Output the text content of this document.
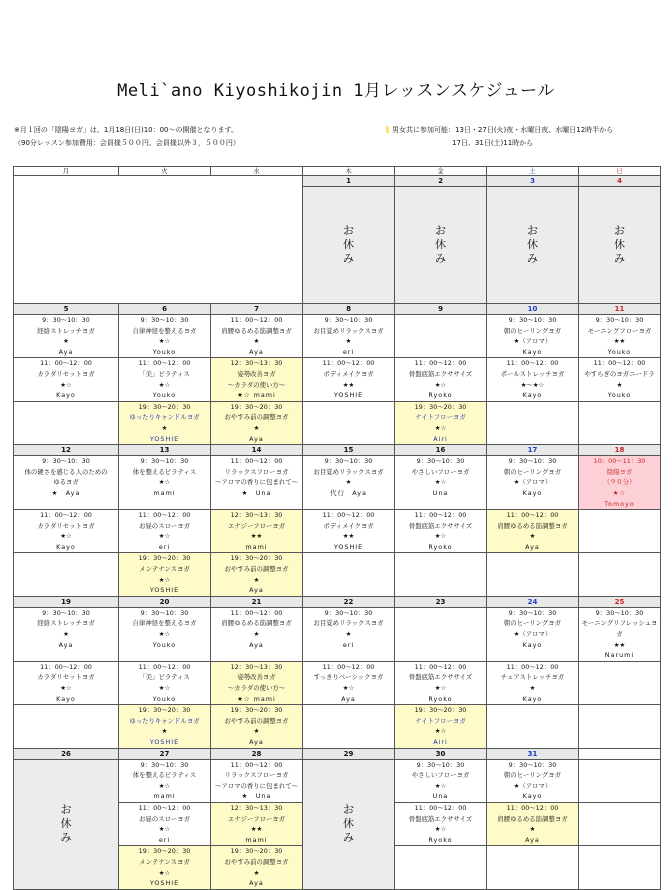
Meli`ano Kiyoshikojin 1月レッスンスケジュール
※月１回の「陰陽ヨガ」は、1月18日(日)10：00〜の開催となります。
（90分レッスン参加費用：会員様５００円、会員様以外３，５００円）
男女共に参加可能：13日・27日(火)夜・水曜日夜、水曜日12時半から
17日、31日(土)11時から
月	火	水	木	金	土	日
			1	2	3	4
			お休み	お休み	お休み	お休み
5	6	7	8	9	10	11

9：30〜10：30
経絡ストレッチヨガ
★
Aya	9：30〜10：30
自律神経を整えるヨガ
★☆
Youko	11：00〜12：00
肩腰ゆるめる筋調整ヨガ
★
Aya	9：30〜10：30
お目覚めリラックスヨガ
★
eri		9：30〜10：30
朝のヒーリングヨガ
★（アロマ）
Kayo	9：30〜10：30
モーニングフローヨガ
★★
Youko

11：00〜12：00
カラダリセットヨガ
★☆
Kayo	11：00〜12：00
「美」ピラティス
★☆
Youko	12：30〜13：30
姿勢改善ヨガ
〜カラダの使い方〜
★☆ mami	11：00〜12：00
ボディメイクヨガ
★★
YOSHIE	11：00〜12：00
骨盤底筋エクササイズ
★☆
Ryoko	11：00〜12：00
ポールストレッチヨガ
★〜★☆
Kayo	11：00〜12：00
やすらぎのヨガニードラ
★
Youko

	19：30〜20：30
ゆったりキャンドルヨガ
★
YOSHIE	19：30〜20：30
おやすみ前の調整ヨガ
★
Aya		19：30〜20：30
ナイトフローヨガ
★☆
Airi		

12	13	14	15	16	17	18

9：30〜10：30
体の硬さを感じる人のための
ゆるヨガ
★　Aya	9：30〜10：30
体を整えるピラティス
★☆
mami	11：00〜12：00
リラックスフローヨガ
〜アロマの香りに包まれて〜
★　Una	9：30〜10：30
お目覚めリラックスヨガ
★
代行　Aya	9：30〜10：30
やさしいフローヨガ
★☆
Una	9：30〜10：30
朝のヒーリングヨガ
★（アロマ）
Kayo	10：00〜11：30
陰陽ヨガ
（９０分）
★☆
Tomoyo

11：00〜12：00
カラダリセットヨガ
★☆
Kayo	11：00〜12：00
お昼のスローヨガ
★☆
eri	12：30〜13：30
エナジーフローヨガ
★★
mami	11：00〜12：00
ボディメイクヨガ
★★
YOSHIE	11：00〜12：00
骨盤底筋エクササイズ
★☆
Ryoko	11：00〜12：00
肩腰ゆるめる筋調整ヨガ
★
Aya	

	19：30〜20：30
メンテナンスヨガ
★☆
YOSHIE	19：30〜20：30
おやすみ前の調整ヨガ
★
Aya				

19	20	21	22	23	24	25

9：30〜10：30
経絡ストレッチヨガ
★
Aya	9：30〜10：30
自律神経を整えるヨガ
★☆
Youko	11：00〜12：00
肩腰ゆるめる筋調整ヨガ
★
Aya	9：30〜10：30
お目覚めリラックスヨガ
★
eri		9：30〜10：30
朝のヒーリングヨガ
★（アロマ）
Kayo	9：30〜10：30
モーニングリフレッシュヨガ
★★
Narumi

11：00〜12：00
カラダリセットヨガ
★☆
Kayo	11：00〜12：00
「美」ピラティス
★☆
Youko	12：30〜13：30
姿勢改善ヨガ
〜カラダの使い方〜
★☆ mami	11：00〜12：00
すっきりベーシックヨガ
★☆
Aya	11：00〜12：00
骨盤底筋エクササイズ
★☆
Ryoko	11：00〜12：00
チェアストレッチヨガ
★
Kayo	

	19：30〜20：30
ゆったりキャンドルヨガ
★
YOSHIE	19：30〜20：30
おやすみ前の調整ヨガ
★
Aya		19：30〜20：30
ナイトフローヨガ
★☆
Airi		

26	27	28	29	30	31	
お休み	9：30〜10：30
体を整えるピラティス
★☆
mami	11：00〜12：00
リラックスフローヨガ
〜アロマの香りに包まれて〜
★　Una	お休み	9：30〜10：30
やさしいフローヨガ
★☆
Una	9：30〜10：30
朝のヒーリングヨガ
★（アロマ）
Kayo	

	11：00〜12：00
お昼のスローヨガ
★☆
eri	12：30〜13：30
エナジーフローヨガ
★★
mami		11：00〜12：00
骨盤底筋エクササイズ
★☆
Ryoko	11：00〜12：00
肩腰ゆるめる筋調整ヨガ
★
Aya	

	19：30〜20：30
メンテナンスヨガ
★☆
YOSHIE	19：30〜20：30
おやすみ前の調整ヨガ
★
Aya				
